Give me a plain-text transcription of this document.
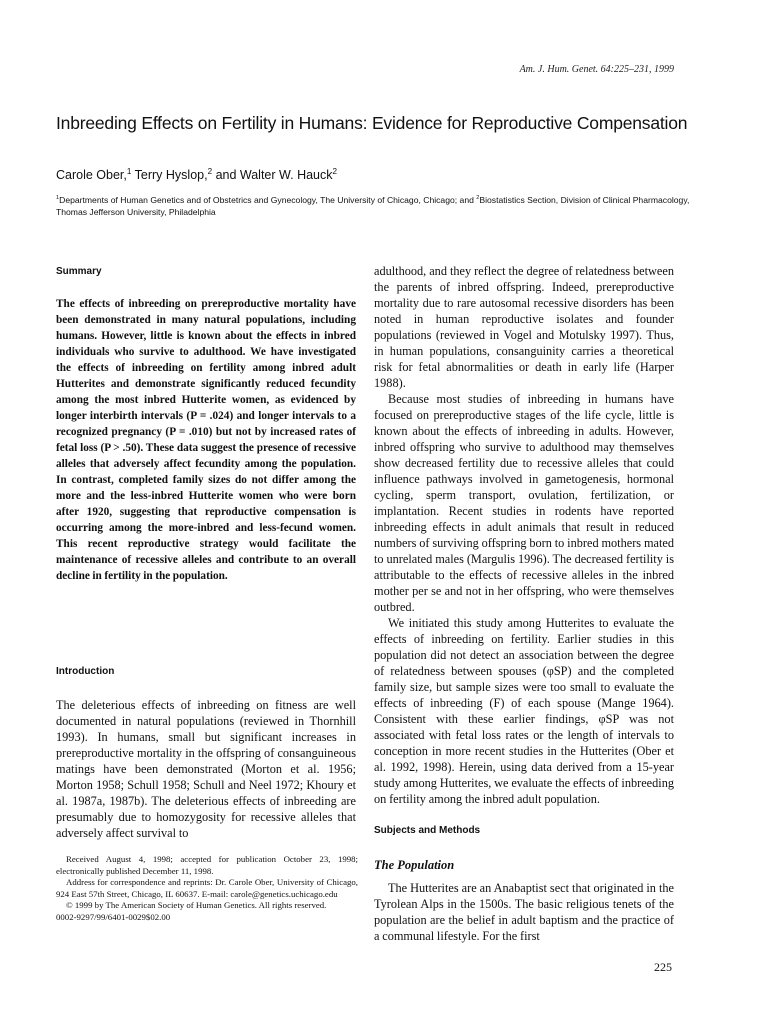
Am. J. Hum. Genet. 64:225–231, 1999
Inbreeding Effects on Fertility in Humans: Evidence for Reproductive Compensation
Carole Ober,$^1$ Terry Hyslop,$^2$ and Walter W. Hauck$^2$
$^1$Departments of Human Genetics and of Obstetrics and Gynecology, The University of Chicago, Chicago; and $^2$Biostatistics Section, Division of Clinical Pharmacology, Thomas Jefferson University, Philadelphia
Summary

The effects of inbreeding on prereproductive mortality have been demonstrated in many natural populations, including humans. However, little is known about the effects in inbred individuals who survive to adulthood. We have investigated the effects of inbreeding on fertility among inbred adult Hutterites and demonstrate significantly reduced fecundity among the most inbred Hutterite women, as evidenced by longer interbirth intervals (P = .024) and longer intervals to a recognized pregnancy (P = .010) but not by increased rates of fetal loss (P > .50). These data suggest the presence of recessive alleles that adversely affect fecundity among the population. In contrast, completed family sizes do not differ among the more and the less-inbred Hutterite women who were born after 1920, suggesting that reproductive compensation is occurring among the more-inbred and less-fecund women. This recent reproductive strategy would facilitate the maintenance of recessive alleles and contribute to an overall decline in fertility in the population.

Introduction

The deleterious effects of inbreeding on fitness are well documented in natural populations (reviewed in Thornhill 1993). In humans, small but significant increases in prereproductive mortality in the offspring of consanguineous matings have been demonstrated (Morton et al. 1956; Morton 1958; Schull 1958; Schull and Neel 1972; Khoury et al. 1987a, 1987b). The deleterious effects of inbreeding are presumably due to homozygosity for recessive alleles that adversely affect survival to

Received August 4, 1998; accepted for publication October 23, 1998; electronically published December 11, 1998.

Address for correspondence and reprints: Dr. Carole Ober, University of Chicago, 924 East 57th Street, Chicago, IL 60637. E-mail: carole@genetics.uchicago.edu

© 1999 by The American Society of Human Genetics. All rights reserved.

0002-9297/99/6401-0029$02.00

adulthood, and they reflect the degree of relatedness between the parents of inbred offspring. Indeed, prereproductive mortality due to rare autosomal recessive disorders has been noted in human reproductive isolates and founder populations (reviewed in Vogel and Motulsky 1997). Thus, in human populations, consanguinity carries a theoretical risk for fetal abnormalities or death in early life (Harper 1988).

Because most studies of inbreeding in humans have focused on prereproductive stages of the life cycle, little is known about the effects of inbreeding in adults. However, inbred offspring who survive to adulthood may themselves show decreased fertility due to recessive alleles that could influence pathways involved in gametogenesis, hormonal cycling, sperm transport, ovulation, fertilization, or implantation. Recent studies in rodents have reported inbreeding effects in adult animals that result in reduced numbers of surviving offspring born to inbred mothers mated to unrelated males (Margulis 1996). The decreased fertility is attributable to the effects of recessive alleles in the inbred mother per se and not in her offspring, who were themselves outbred.

We initiated this study among Hutterites to evaluate the effects of inbreeding on fertility. Earlier studies in this population did not detect an association between the degree of relatedness between spouses (φSP) and the completed family size, but sample sizes were too small to evaluate the effects of inbreeding (F) of each spouse (Mange 1964). Consistent with these earlier findings, φSP was not associated with fetal loss rates or the length of intervals to conception in more recent studies in the Hutterites (Ober et al. 1992, 1998). Herein, using data derived from a 15-year study among Hutterites, we evaluate the effects of inbreeding on fertility among the inbred adult population.

Subjects and Methods
The Population

The Hutterites are an Anabaptist sect that originated in the Tyrolean Alps in the 1500s. The basic religious tenets of the population are the belief in adult baptism and the practice of a communal lifestyle. For the first

225
